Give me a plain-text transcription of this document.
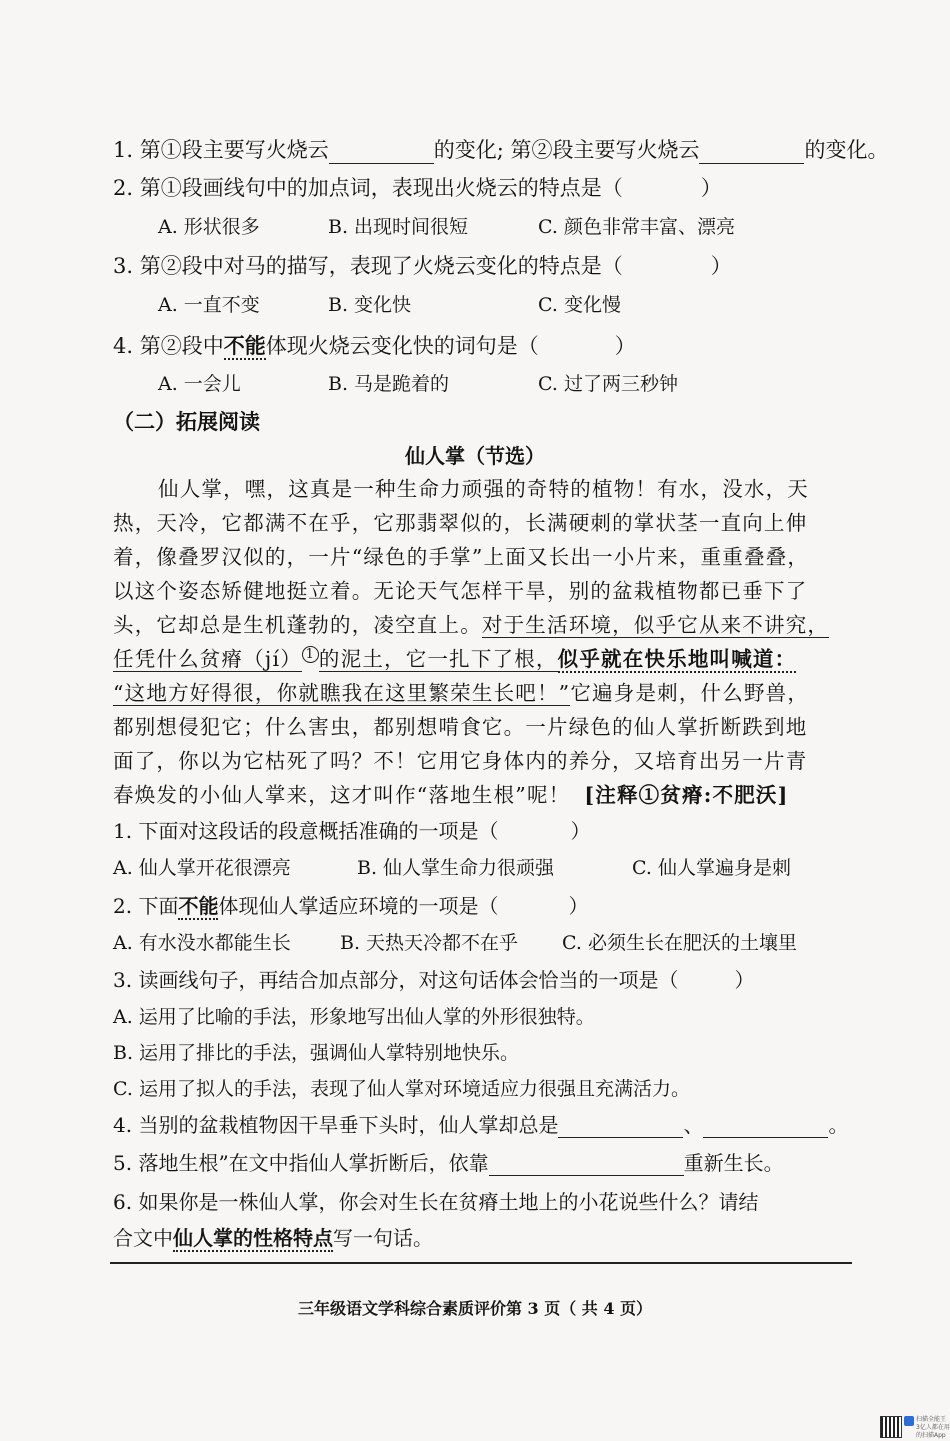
1. 第①段主要写火烧云	的变化; 第②段主要写火烧云	的变化。
2. 第①段画线句中的加点词，表现出火烧云的特点是（	）
A. 形状很多	B. 出现时间很短	C. 颜色非常丰富、漂亮
3. 第②段中对马的描写，表现了火烧云变化的特点是（	）
A. 一直不变	B. 变化快	C. 变化慢
4. 第②段中不能体现火烧云变化快的词句是（	）
A. 一会儿	B. 马是跪着的	C. 过了两三秒钟
（二）拓展阅读
仙人掌（节选）
仙人掌，嘿，这真是一种生命力顽强的奇特的植物！有水，没水，天
热，天冷，它都满不在乎，它那翡翠似的，长满硬刺的掌状茎一直向上伸
着，像叠罗汉似的，一片“绿色的手掌”上面又长出一小片来，重重叠叠，
以这个姿态矫健地挺立着。无论天气怎样干旱，别的盆栽植物都已垂下了
头，它却总是生机蓬勃的，凌空直上。对于生活环境，似乎它从来不讲究，
任凭什么贫瘠（jí） 1 的泥土，它一扎下了根，似乎就在快乐地叫喊道：
“这地方好得很，你就瞧我在这里繁荣生长吧！”它遍身是刺，什么野兽，
都别想侵犯它；什么害虫，都别想啃食它。一片绿色的仙人掌折断跌到地
面了，你以为它枯死了吗？不！它用它身体内的养分，又培育出另一片青
春焕发的小仙人掌来，这才叫作“落地生根”呢！ [注释①贫瘠:不肥沃]
1. 下面对这段话的段意概括准确的一项是（	）
A. 仙人掌开花很漂亮	B. 仙人掌生命力很顽强	C. 仙人掌遍身是刺
2. 下面不能体现仙人掌适应环境的一项是（	）
A. 有水没水都能生长	B. 天热天冷都不在乎 C. 必须生长在肥沃的土壤里
3. 读画线句子，再结合加点部分，对这句话体会恰当的一项是（	）
A. 运用了比喻的手法，形象地写出仙人掌的外形很独特。
B. 运用了排比的手法，强调仙人掌特别地快乐。
C. 运用了拟人的手法，表现了仙人掌对环境适应力很强且充满活力。
4. 当别的盆栽植物因干旱垂下头时，仙人掌却总是	、	。
5. 落地生根”在文中指仙人掌折断后，依靠	重新生长。
6. 如果你是一株仙人掌，你会对生长在贫瘠土地上的小花说些什么？请结
合文中仙人掌的性格特点写一句话。
三年级语文学科综合素质评价第 3 页（ 共 4 页）
扫描全能王
3亿人都在用的扫描App
